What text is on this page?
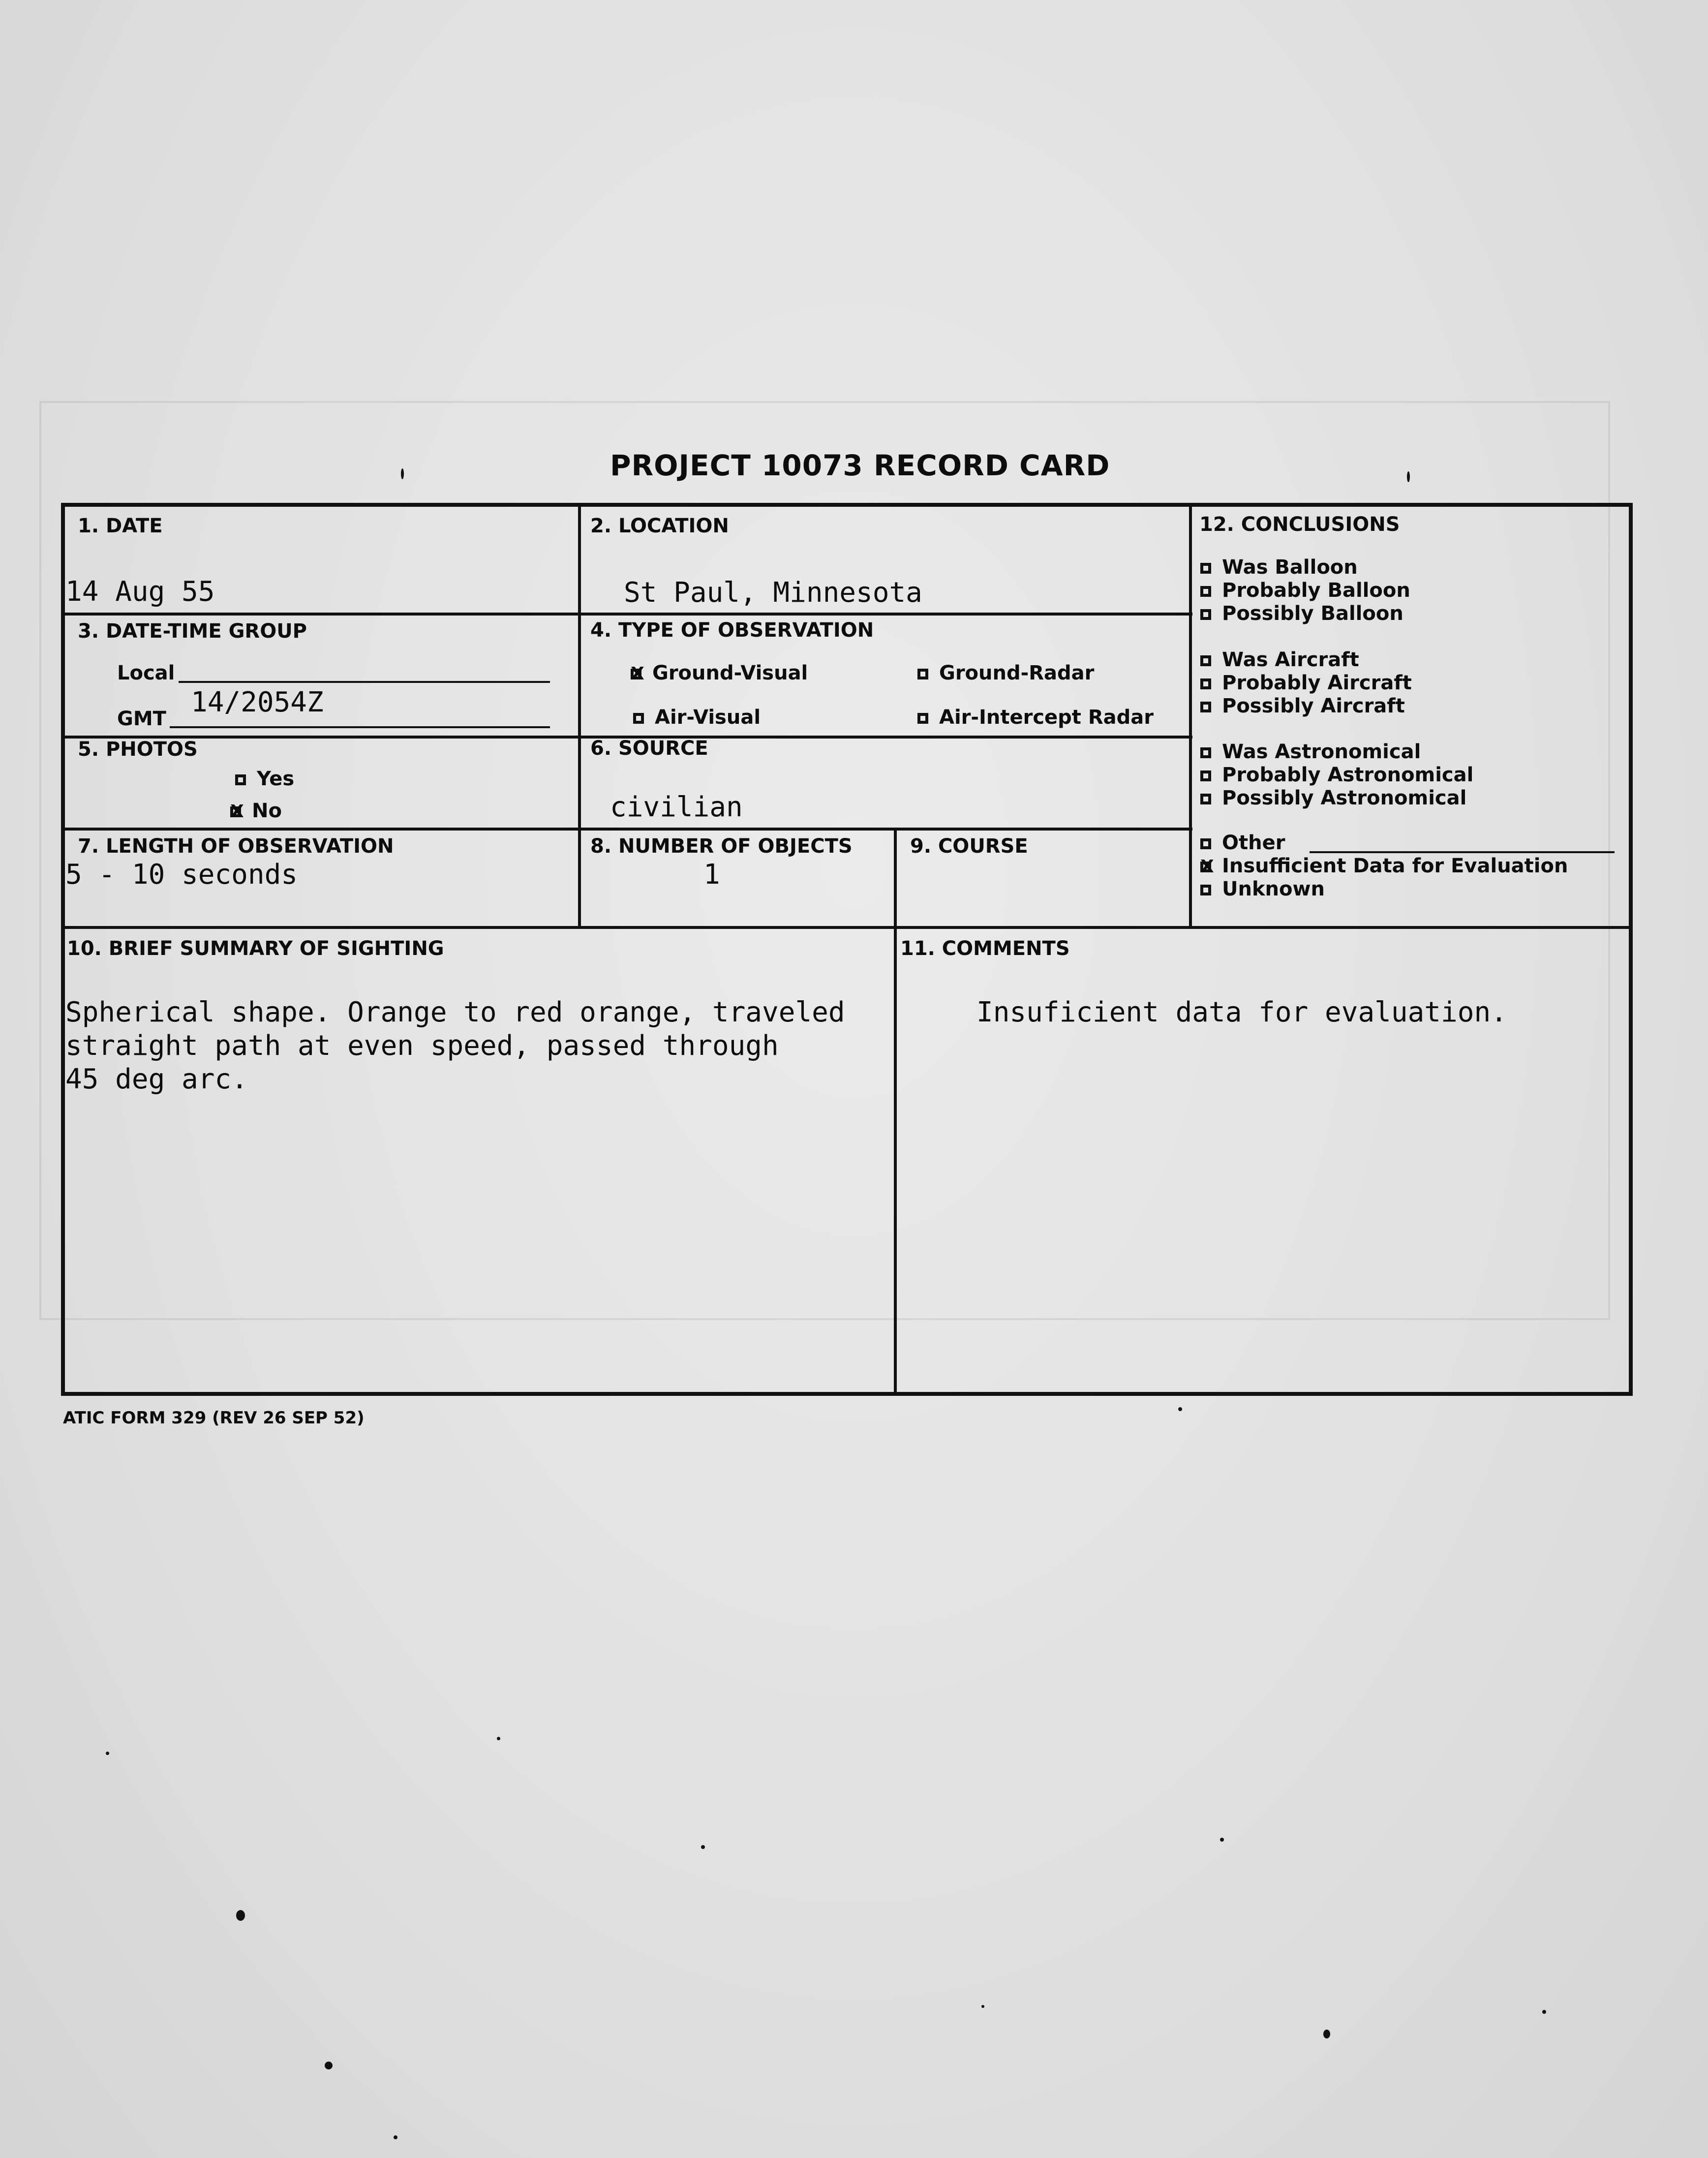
PROJECT 10073 RECORD CARD
1. DATE
14 Aug 55
2. LOCATION
St Paul, Minnesota
3. DATE-TIME GROUP
Local
GMT
14/2054Z
4. TYPE OF OBSERVATION
XGround-Visual	Ground-Radar
Air-Visual	Air-Intercept Radar
5. PHOTOS
Yes
XNo
6. SOURCE
civilian
7. LENGTH OF OBSERVATION
5 - 10 seconds
8. NUMBER OF OBJECTS
1
9. COURSE
10. BRIEF SUMMARY OF SIGHTING
Spherical shape. Orange to red orange, traveled
straight path at even speed, passed through
45 deg arc.
11. COMMENTS
Insuficient data for evaluation.
12. CONCLUSIONS
Was Balloon
Probably Balloon
Possibly Balloon
Was Aircraft
Probably Aircraft
Possibly Aircraft
Was Astronomical
Probably Astronomical
Possibly Astronomical
Other
XInsufficient Data for Evaluation
Unknown
ATIC FORM 329 (REV 26 SEP 52)
